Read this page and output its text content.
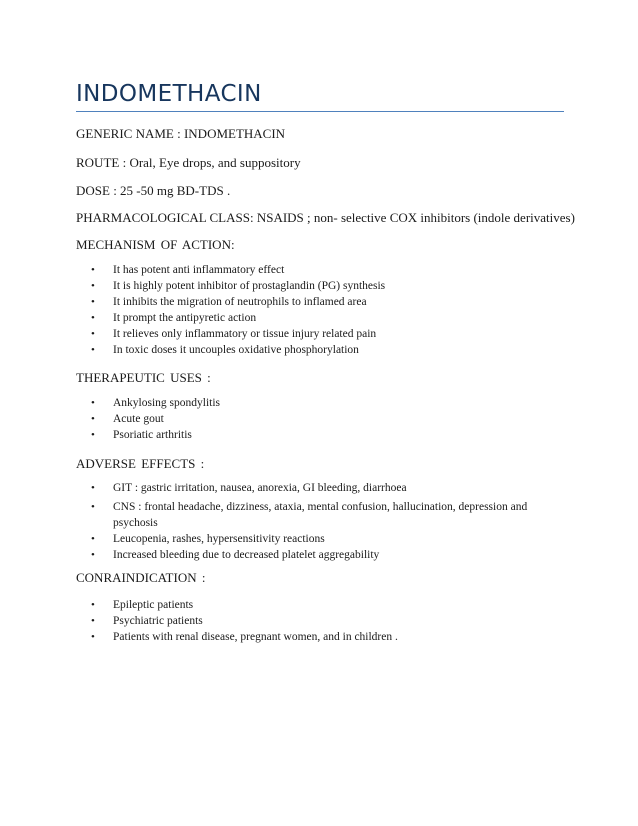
INDOMETHACIN

GENERIC NAME : INDOMETHACIN

ROUTE : Oral, Eye drops, and suppository

DOSE : 25 -50 mg BD-TDS .

PHARMACOLOGICAL CLASS: NSAIDS ; non- selective COX inhibitors (indole derivatives)

MECHANISM OF ACTION:

• It has potent anti inflammatory effect
• It is highly potent inhibitor of prostaglandin (PG) synthesis
• It inhibits the migration of neutrophils to inflamed area
• It prompt the antipyretic action
• It relieves only inflammatory or tissue injury related pain
• In toxic doses it uncouples oxidative phosphorylation

THERAPEUTIC USES :

• Ankylosing spondylitis
• Acute gout
• Psoriatic arthritis

ADVERSE EFFECTS :

• GIT : gastric irritation, nausea, anorexia, GI bleeding, diarrhoea
• CNS : frontal headache, dizziness, ataxia, mental confusion, hallucination, depression and psychosis
• Leucopenia, rashes, hypersensitivity reactions
• Increased bleeding due to decreased platelet aggregability

CONRAINDICATION :

• Epileptic patients
• Psychiatric patients
• Patients with renal disease, pregnant women, and in children .
